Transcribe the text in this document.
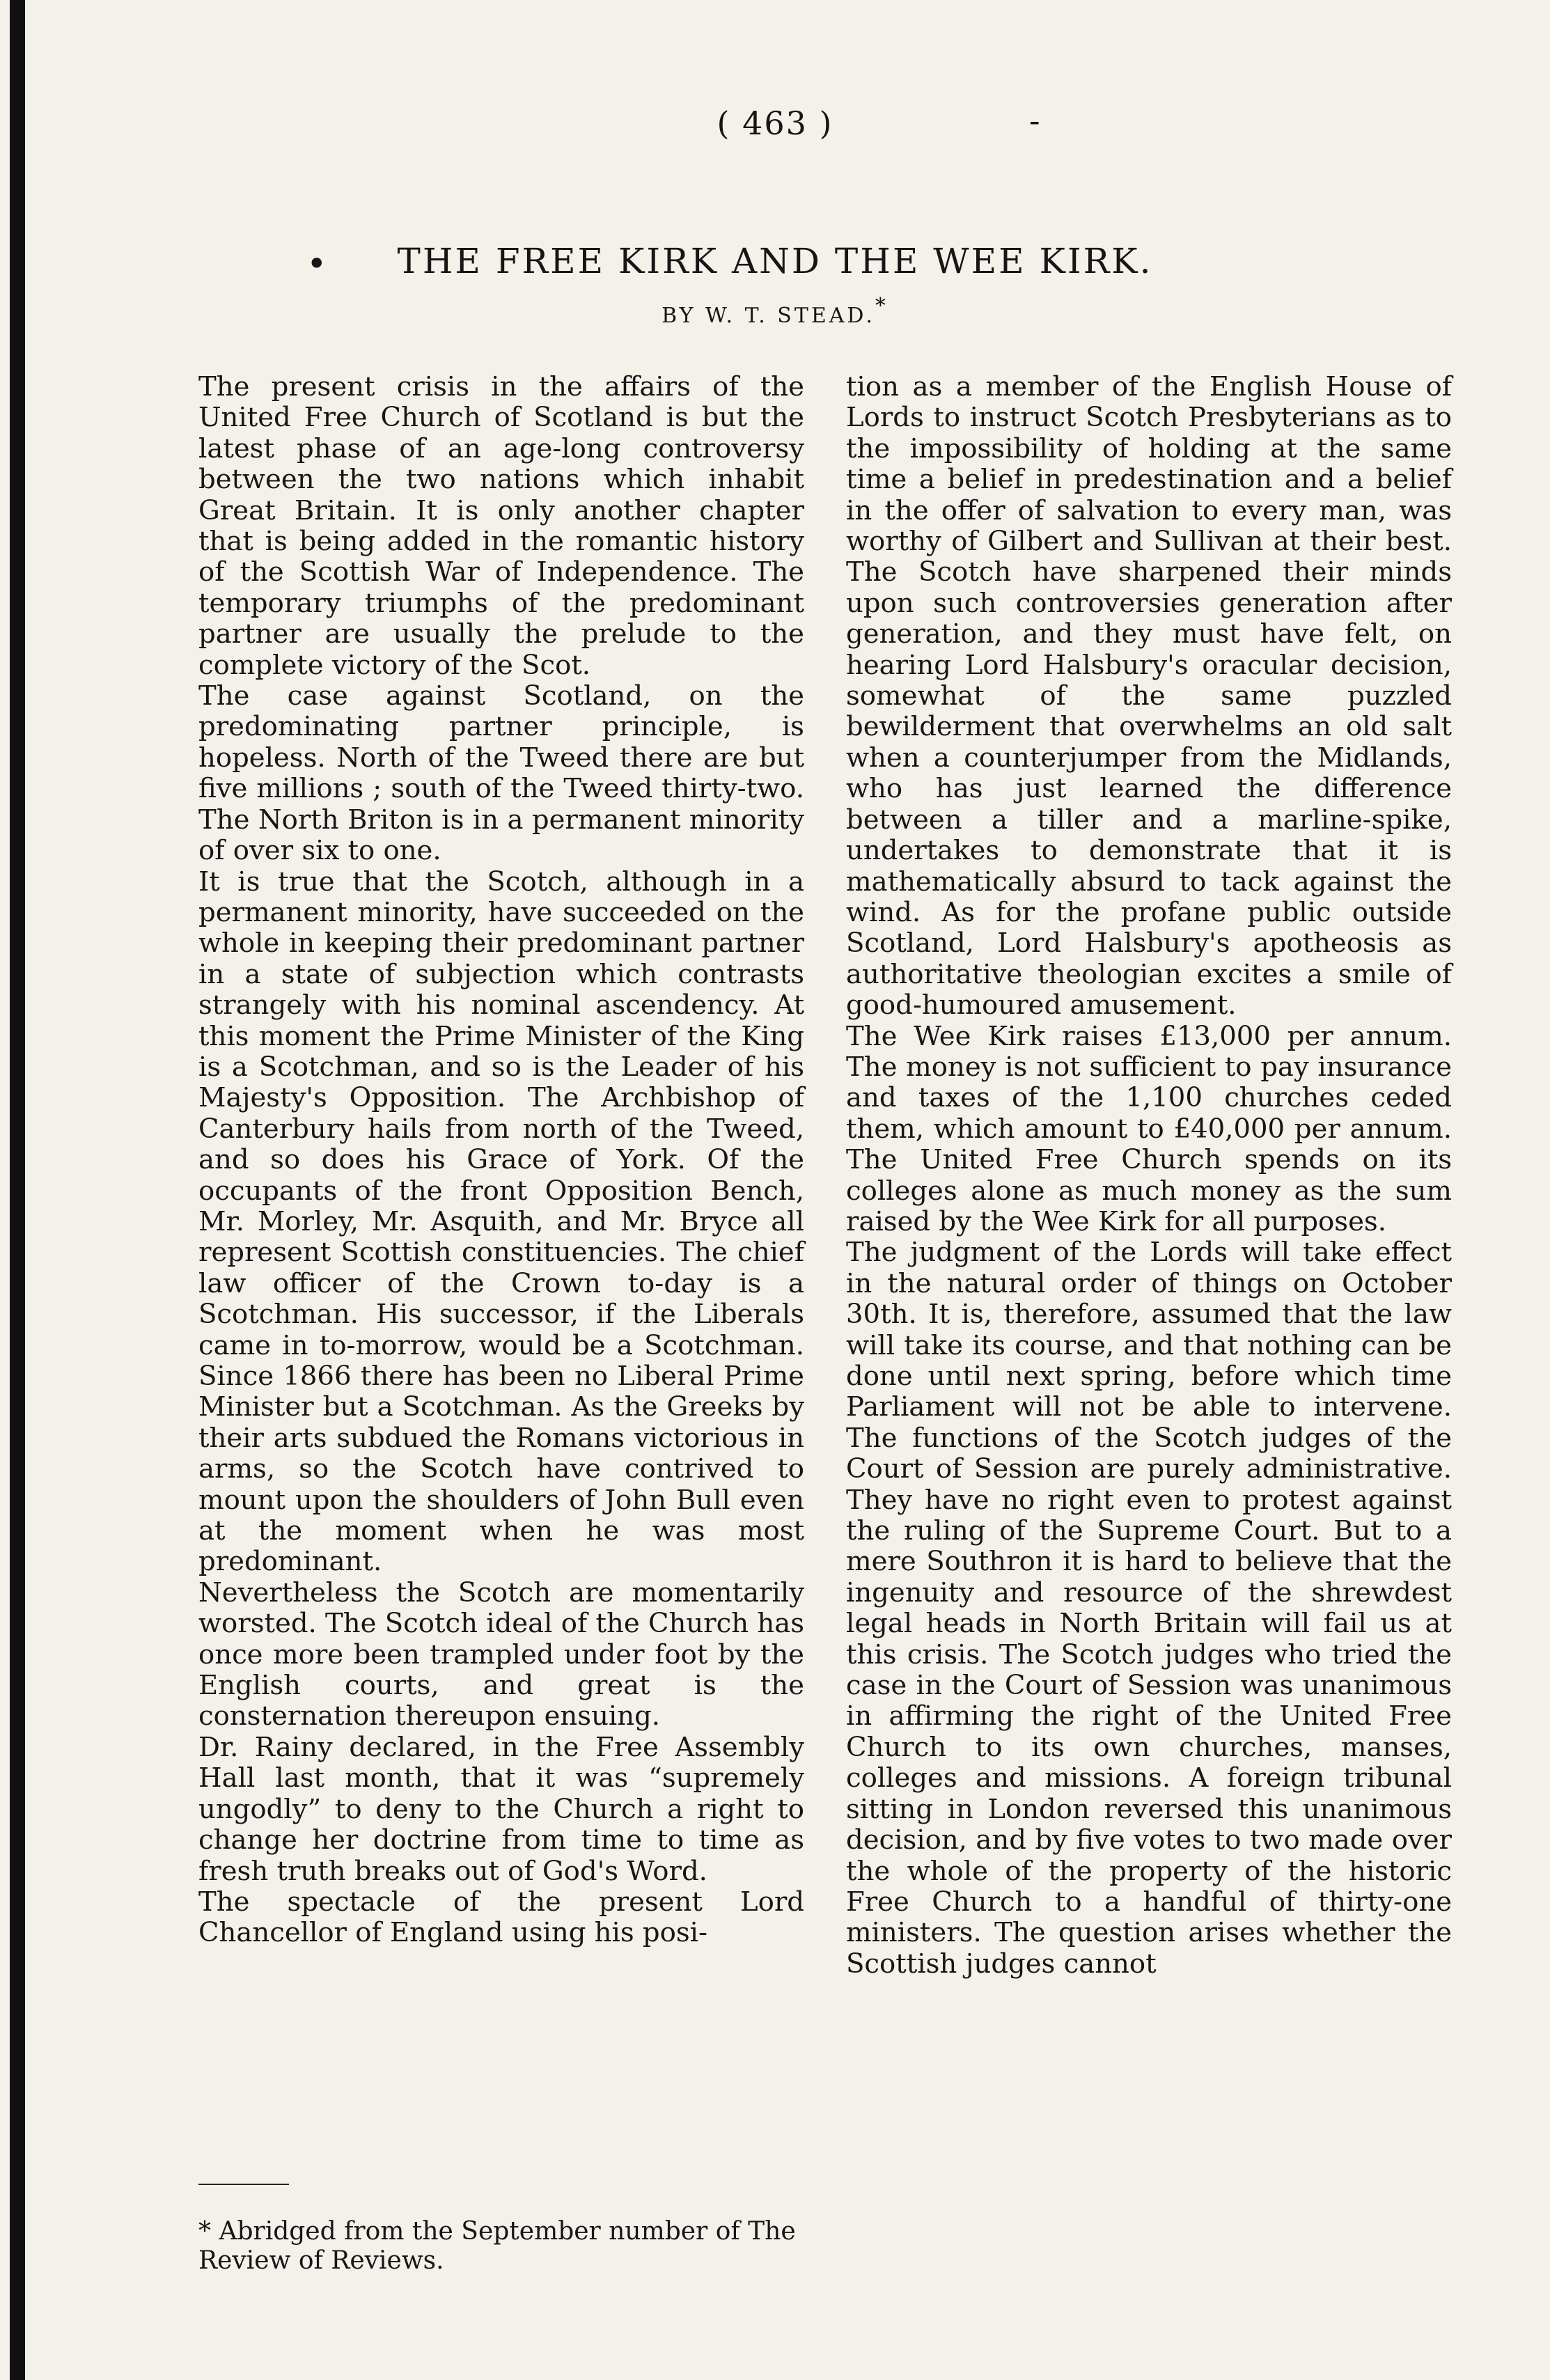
( 463 )	-
• THE FREE KIRK AND THE WEE KIRK.
BY W. T. STEAD.*

The present crisis in the affairs of the United Free Church of Scotland is but the latest phase of an age-long controversy between the two nations which inhabit Great Britain. It is only another chapter that is being added in the romantic history of the Scottish War of Independence. The temporary triumphs of the predominant partner are usually the prelude to the complete victory of the Scot.

The case against Scotland, on the predominating partner principle, is hopeless. North of the Tweed there are but five millions ; south of the Tweed thirty-two. The North Briton is in a permanent minority of over six to one.

It is true that the Scotch, although in a permanent minority, have succeeded on the whole in keeping their predominant partner in a state of subjection which contrasts strangely with his nominal ascendency. At this moment the Prime Minister of the King is a Scotchman, and so is the Leader of his Majesty's Opposition. The Archbishop of Canterbury hails from north of the Tweed, and so does his Grace of York. Of the occupants of the front Opposition Bench, Mr. Morley, Mr. Asquith, and Mr. Bryce all represent Scottish constituencies. The chief law officer of the Crown to-day is a Scotchman. His successor, if the Liberals came in to-morrow, would be a Scotchman. Since 1866 there has been no Liberal Prime Minister but a Scotchman. As the Greeks by their arts subdued the Romans victorious in arms, so the Scotch have contrived to mount upon the shoulders of John Bull even at the moment when he was most predominant.

Nevertheless the Scotch are momentarily worsted. The Scotch ideal of the Church has once more been trampled under foot by the English courts, and great is the consternation thereupon ensuing.

Dr. Rainy declared, in the Free Assembly Hall last month, that it was “supremely ungodly” to deny to the Church a right to change her doctrine from time to time as fresh truth breaks out of God's Word.

The spectacle of the present Lord Chancellor of England using his posi-

tion as a member of the English House of Lords to instruct Scotch Presbyterians as to the impossibility of holding at the same time a belief in predestination and a belief in the offer of salvation to every man, was worthy of Gilbert and Sullivan at their best. The Scotch have sharpened their minds upon such controversies generation after generation, and they must have felt, on hearing Lord Halsbury's oracular decision, somewhat of the same puzzled bewilderment that overwhelms an old salt when a counterjumper from the Midlands, who has just learned the difference between a tiller and a marline-spike, undertakes to demonstrate that it is mathematically absurd to tack against the wind. As for the profane public outside Scotland, Lord Halsbury's apotheosis as authoritative theologian excites a smile of good-humoured amusement.

The Wee Kirk raises £13,000 per annum. The money is not sufficient to pay insurance and taxes of the 1,100 churches ceded them, which amount to £40,000 per annum. The United Free Church spends on its colleges alone as much money as the sum raised by the Wee Kirk for all purposes.

The judgment of the Lords will take effect in the natural order of things on October 30th. It is, therefore, assumed that the law will take its course, and that nothing can be done until next spring, before which time Parliament will not be able to intervene. The functions of the Scotch judges of the Court of Session are purely administrative. They have no right even to protest against the ruling of the Supreme Court. But to a mere Southron it is hard to believe that the ingenuity and resource of the shrewdest legal heads in North Britain will fail us at this crisis. The Scotch judges who tried the case in the Court of Session was unanimous in affirming the right of the United Free Church to its own churches, manses, colleges and missions. A foreign tribunal sitting in London reversed this unanimous decision, and by five votes to two made over the whole of the property of the historic Free Church to a handful of thirty-one ministers. The question arises whether the Scottish judges cannot

* Abridged from the September number of The Review of Reviews.
